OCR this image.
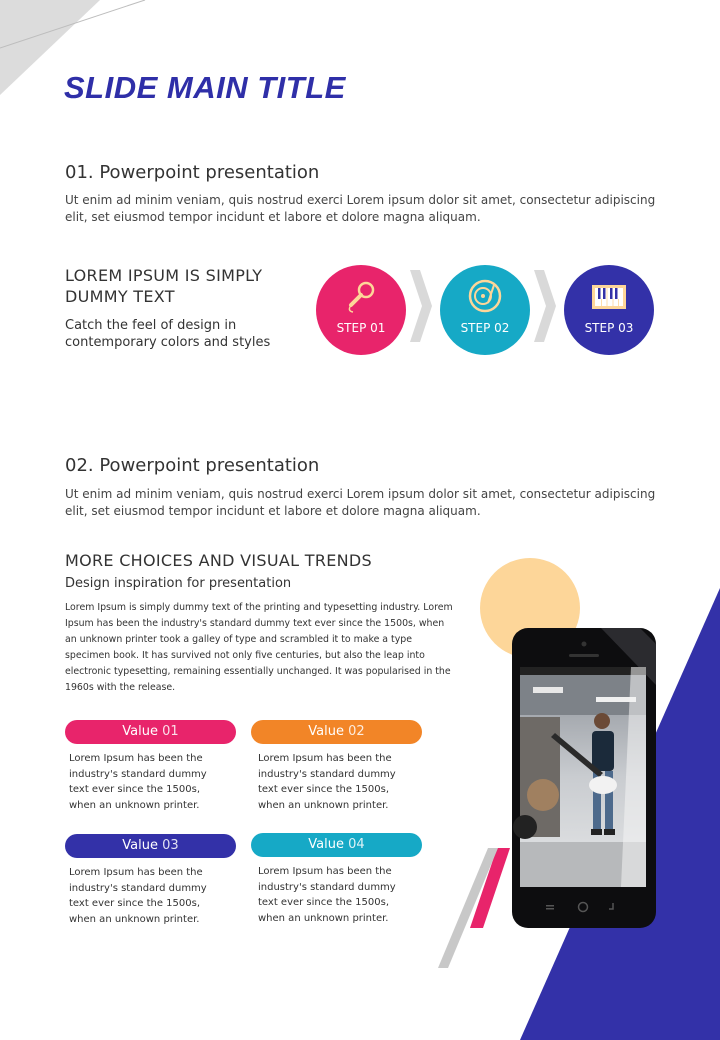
SLIDE MAIN TITLE
01. Powerpoint presentation
Ut enim ad minim veniam, quis nostrud exerci Lorem ipsum dolor sit amet, consectetur adipiscing elit, set eiusmod tempor incidunt et labore et dolore magna aliquam.
LOREM IPSUM IS SIMPLY DUMMY TEXT
Catch the feel of design in contemporary colors and styles
STEP 01	STEP 02	STEP 03
02. Powerpoint presentation
Ut enim ad minim veniam, quis nostrud exerci Lorem ipsum dolor sit amet, consectetur adipiscing elit, set eiusmod tempor incidunt et labore et dolore magna aliquam.
MORE CHOICES AND VISUAL TRENDS
Design inspiration for presentation
Lorem Ipsum is simply dummy text of the printing and typesetting industry. Lorem Ipsum has been the industry's standard dummy text ever since the 1500s, when an unknown printer took a galley of type and scrambled it to make a type specimen book. It has survived not only five centuries, but also the leap into electronic typesetting, remaining essentially unchanged. It was popularised in the 1960s with the release.
Value 01
Lorem Ipsum has been the industry's standard dummy text ever since the 1500s, when an unknown printer.
Value 02
Lorem Ipsum has been the industry's standard dummy text ever since the 1500s, when an unknown printer.
Value 03
Lorem Ipsum has been the industry's standard dummy text ever since the 1500s, when an unknown printer.
Value 04
Lorem Ipsum has been the industry's standard dummy text ever since the 1500s, when an unknown printer.
